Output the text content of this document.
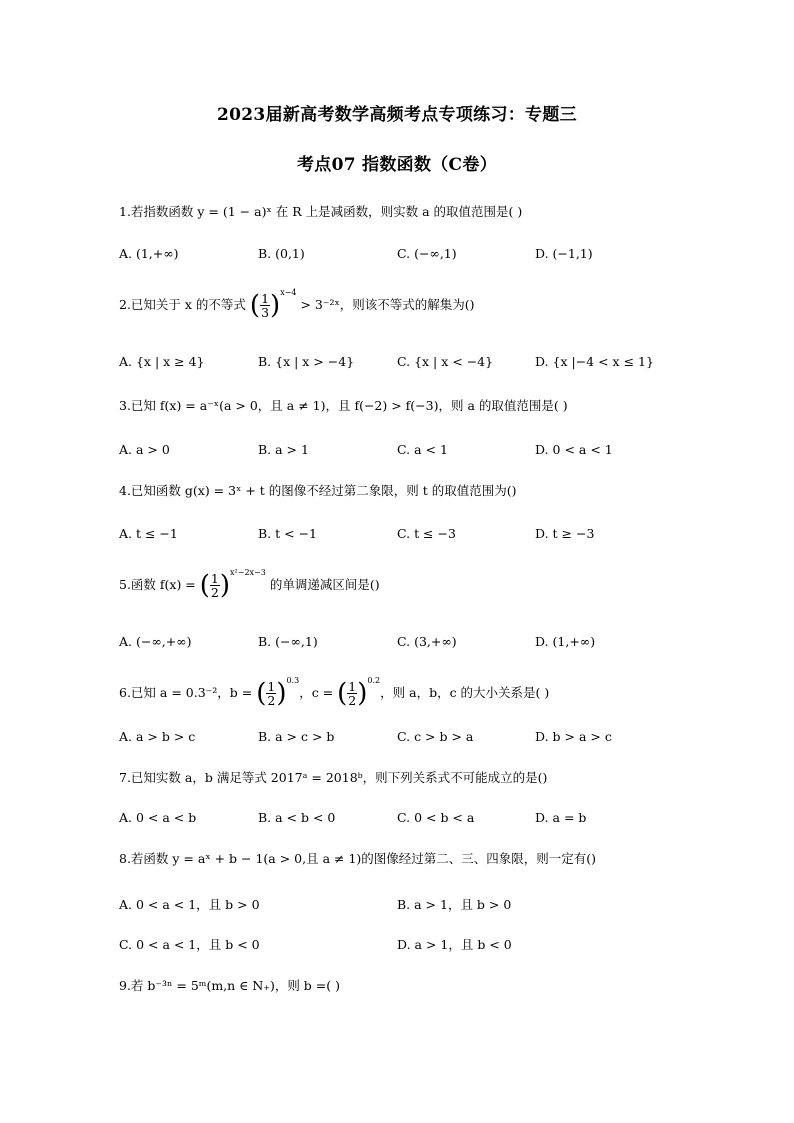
2023届新高考数学高频考点专项练习：专题三
考点07 指数函数（C卷）
1.若指数函数 y = (1 − a)ˣ 在 R 上是减函数，则实数 a 的取值范围是( )
A. (1,+∞)	B. (0,1)	C. (−∞,1)	D. (−1,1)
2.已知关于 x 的不等式 ( $\frac{1}{3} )^{x-4}$ > 3⁻²ˣ，则该不等式的解集为()
A. {x | x ≥ 4}	B. {x | x > −4}	C. {x | x < −4}	D. {x |−4 < x ≤ 1}
3.已知 f(x) = a⁻ˣ(a > 0，且 a ≠ 1)，且 f(−2) > f(−3)，则 a 的取值范围是( )
A. a > 0	B. a > 1	C. a < 1	D. 0 < a < 1
4.已知函数 g(x) = 3ˣ + t 的图像不经过第二象限，则 t 的取值范围为()
A. t ≤ −1	B. t < −1	C. t ≤ −3	D. t ≥ −3
5.函数 f(x) = ( $\frac{1}{2} )^{x^2-2x-3}$ 的单调递减区间是()
A. (−∞,+∞)	B. (−∞,1)	C. (3,+∞)	D. (1,+∞)
6.已知 a = 0.3⁻²，b = ( $\frac{1}{2} )^{0.3}$，c = ( $\frac{1}{2} )^{0.2}$，则 a，b，c 的大小关系是( )
A. a > b > c	B. a > c > b	C. c > b > a	D. b > a > c
7.已知实数 a，b 满足等式 2017ᵃ = 2018ᵇ，则下列关系式不可能成立的是()
A. 0 < a < b	B. a < b < 0	C. 0 < b < a	D. a = b
8.若函数 y = aˣ + b − 1(a > 0,且 a ≠ 1)的图像经过第二、三、四象限，则一定有()
A. 0 < a < 1，且 b > 0	B. a > 1，且 b > 0
C. 0 < a < 1，且 b < 0	D. a > 1，且 b < 0
9.若 b⁻³ⁿ = 5ᵐ(m,n ∈ N₊)，则 b =( )
